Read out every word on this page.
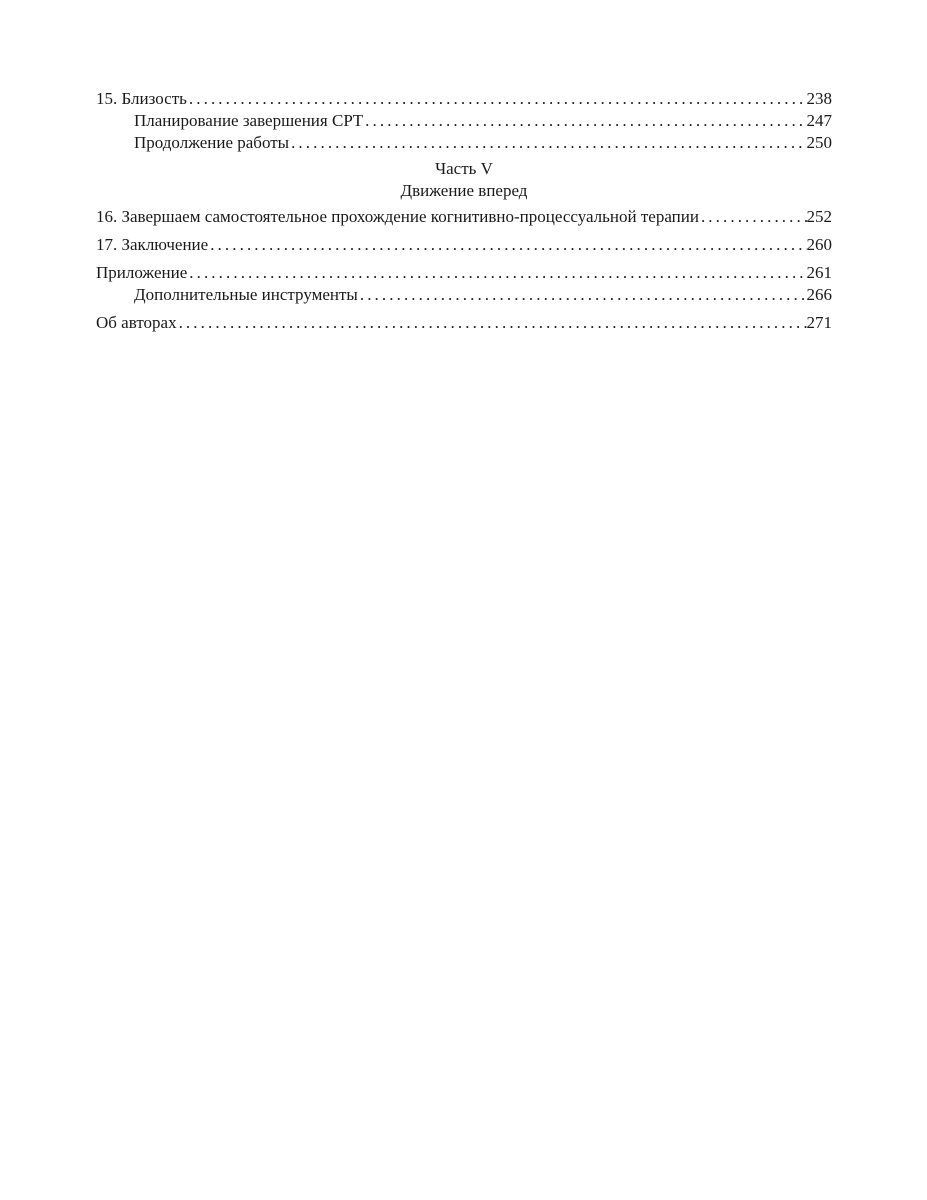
15. Близость .....	238
Планирование завершения CPT .....	247
Продолжение работы .....	250
Часть V
Движение вперед
16. Завершаем самостоятельное прохождение когнитивно-процессуальной терапии .....	252
17. Заключение .....	260
Приложение .....	261
Дополнительные инструменты .....	266
Об авторах .....	271
